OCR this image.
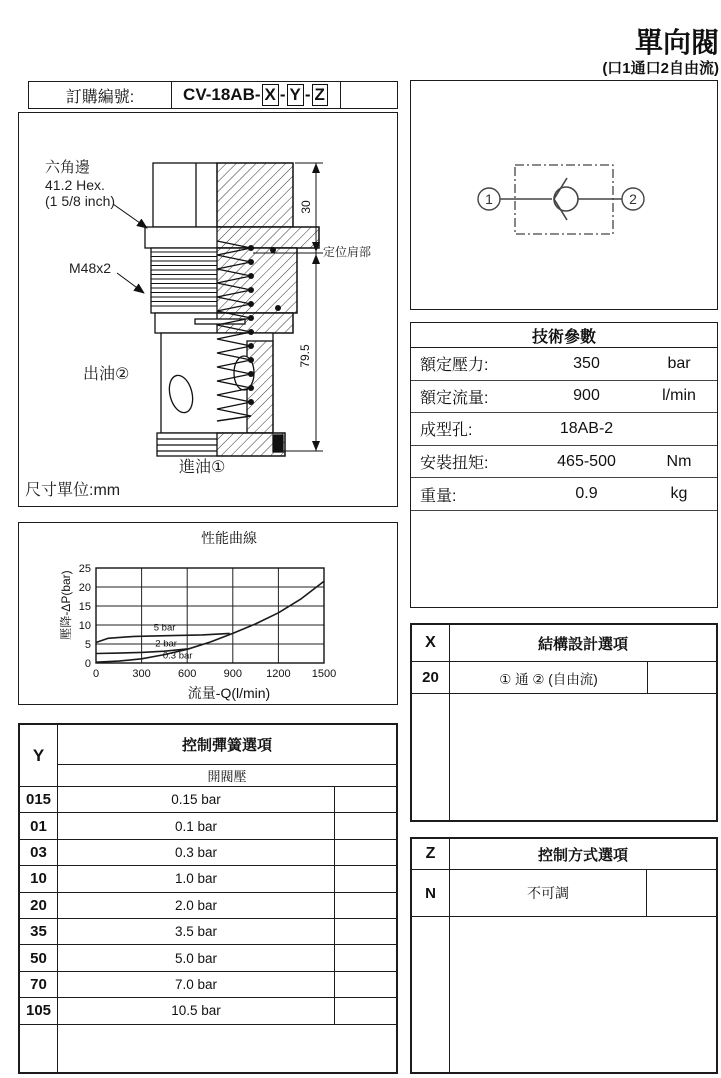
單向閥
(口1通口2自由流)
訂購編號:	CV-18AB- X - Y - Z
30
79.5
六角邊
41.2 Hex.
(1 5/8 inch)
M48x2
出油②
進油①
定位肩部
尺寸單位:mm
1	2
技術參數
額定壓力:	350	bar
額定流量:	900	l/min
成型孔:	18AB-2
安裝扭矩:	465-500	Nm
重量:	0.9	kg
性能曲線
0	300 600 900 1200 1500
0
5
10
15
20
25
5 bar
2 bar
0.3 bar
壓降-ΔP(bar)
流量-Q(l/min)
Y	控制彈簧選項
開閥壓
015	0.15 bar
01	0.1 bar
03	0.3 bar
10	1.0 bar
20	2.0 bar
35	3.5 bar
50	5.0 bar
70	7.0 bar
105	10.5 bar
X	結構設計選項
20	① 通 ② (自由流)
Z	控制方式選項
N	不可調
